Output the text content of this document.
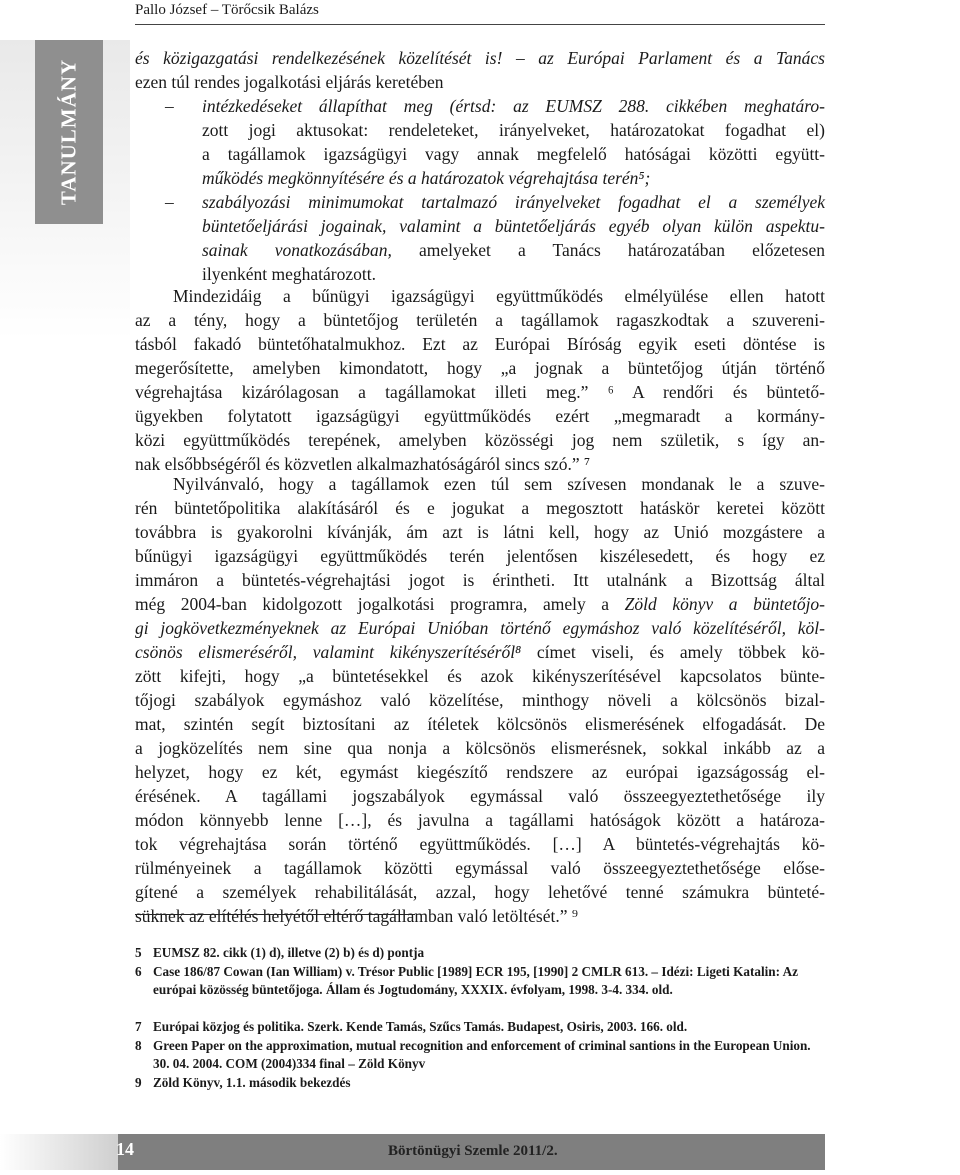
Pallo József – Törőcsik Balázs
TANULMÁNY
és közigazgatási rendelkezésének közelítését is! – az Európai Parlament és a Tanács
ezen túl rendes jogalkotási eljárás keretében
–	intézkedéseket állapíthat meg (értsd: az EUMSZ 288. cikkében meghatáro-
zott jogi aktusokat: rendeleteket, irányelveket, határozatokat fogadhat el)
a tagállamok igazságügyi vagy annak megfelelő hatóságai közötti együtt-
működés megkönnyítésére és a határozatok végrehajtása terén⁵;
–	szabályozási minimumokat tartalmazó irányelveket fogadhat el a személyek
büntetőeljárási jogainak, valamint a büntetőeljárás egyéb olyan külön aspektu-
sainak vonatkozásában, amelyeket a Tanács határozatában előzetesen
ilyenként meghatározott.
Mindezidáig a bűnügyi igazságügyi együttműködés elmélyülése ellen hatott
az a tény, hogy a büntetőjog területén a tagállamok ragaszkodtak a szuvereni-
tásból fakadó büntetőhatalmukhoz. Ezt az Európai Bíróság egyik eseti döntése is
megerősítette, amelyben kimondatott, hogy „a jognak a büntetőjog útján történő
végrehajtása kizárólagosan a tagállamokat illeti meg.” ⁶ A rendőri és büntető-
ügyekben folytatott igazságügyi együttműködés ezért „megmaradt a kormány-
közi együttműködés terepének, amelyben közösségi jog nem születik, s így an-
nak elsőbbségéről és közvetlen alkalmazhatóságáról sincs szó.” ⁷
Nyilvánvaló, hogy a tagállamok ezen túl sem szívesen mondanak le a szuve-
rén büntetőpolitika alakításáról és e jogukat a megosztott hatáskör keretei között
továbbra is gyakorolni kívánják, ám azt is látni kell, hogy az Unió mozgástere a
bűnügyi igazságügyi együttműködés terén jelentősen kiszélesedett, és hogy ez
immáron a büntetés-végrehajtási jogot is érintheti. Itt utalnánk a Bizottság által
még 2004-ban kidolgozott jogalkotási programra, amely a Zöld könyv a büntetőjo-
gi jogkövetkezményeknek az Európai Unióban történő egymáshoz való közelítéséről, köl-
csönös elismeréséről, valamint kikényszerítéséről⁸ címet viseli, és amely többek kö-
zött kifejti, hogy „a büntetésekkel és azok kikényszerítésével kapcsolatos bünte-
tőjogi szabályok egymáshoz való közelítése, minthogy növeli a kölcsönös bizal-
mat, szintén segít biztosítani az ítéletek kölcsönös elismerésének elfogadását. De
a jogközelítés nem sine qua nonja a kölcsönös elismerésnek, sokkal inkább az a
helyzet, hogy ez két, egymást kiegészítő rendszere az európai igazságosság el-
érésének. A tagállami jogszabályok egymással való összeegyeztethetősége ily
módon könnyebb lenne […], és javulna a tagállami hatóságok között a határoza-
tok végrehajtása során történő együttműködés. […] A büntetés-végrehajtás kö-
rülményeinek a tagállamok közötti egymással való összeegyeztethetősége előse-
gítené a személyek rehabilitálását, azzal, hogy lehetővé tenné számukra bünteté-
süknek az elítélés helyétől eltérő tagállamban való letöltését.” ⁹
5 EUMSZ 82. cikk (1) d), illetve (2) b) és d) pontja
6 Case 186/87 Cowan (Ian William) v. Trésor Public [1989] ECR 195, [1990] 2 CMLR 613. – Idézi: Ligeti Katalin: Az európai közösség büntetőjoga. Állam és Jogtudomány, XXXIX. évfolyam, 1998. 3-4. 334. old.
7 Európai közjog és politika. Szerk. Kende Tamás, Szűcs Tamás. Budapest, Osiris, 2003. 166. old.
8 Green Paper on the approximation, mutual recognition and enforcement of criminal santions in the European Union. 30. 04. 2004. COM (2004)334 final – Zöld Könyv
9 Zöld Könyv, 1.1. második bekezdés
14	Börtönügyi Szemle 2011/2.
